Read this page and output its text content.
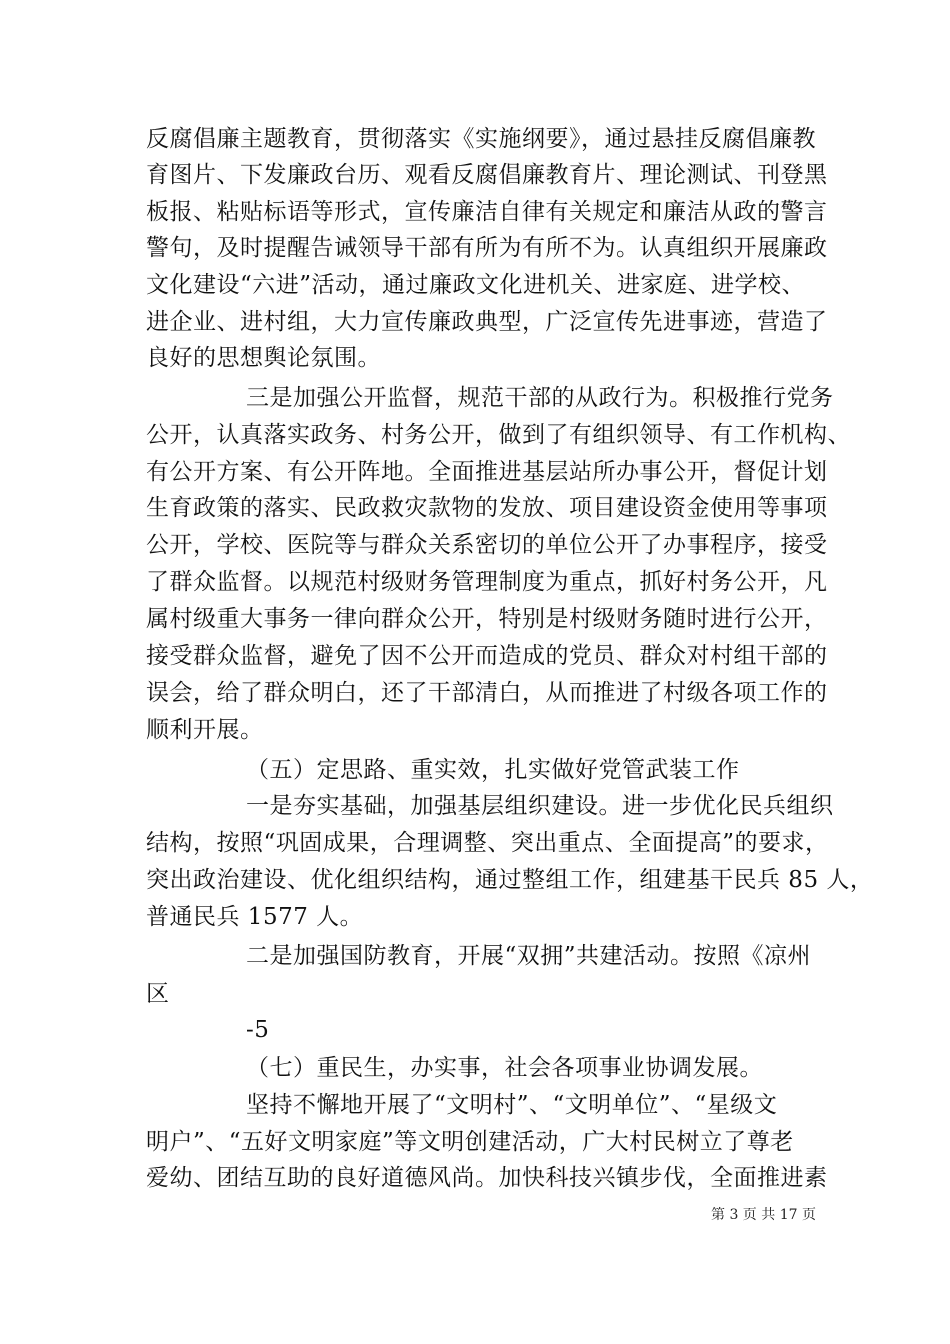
反腐倡廉主题教育，贯彻落实《实施纲要》，通过悬挂反腐倡廉教
育图片、下发廉政台历、观看反腐倡廉教育片、理论测试、刊登黑
板报、粘贴标语等形式，宣传廉洁自律有关规定和廉洁从政的警言
警句，及时提醒告诫领导干部有所为有所不为。认真组织开展廉政
文化建设“六进”活动，通过廉政文化进机关、进家庭、进学校、
进企业、进村组，大力宣传廉政典型，广泛宣传先进事迹，营造了
良好的思想舆论氛围。
三是加强公开监督，规范干部的从政行为。积极推行党务
公开，认真落实政务、村务公开，做到了有组织领导、有工作机构、
有公开方案、有公开阵地。全面推进基层站所办事公开，督促计划
生育政策的落实、民政救灾款物的发放、项目建设资金使用等事项
公开，学校、医院等与群众关系密切的单位公开了办事程序，接受
了群众监督。以规范村级财务管理制度为重点，抓好村务公开，凡
属村级重大事务一律向群众公开，特别是村级财务随时进行公开，
接受群众监督，避免了因不公开而造成的党员、群众对村组干部的
误会，给了群众明白，还了干部清白，从而推进了村级各项工作的
顺利开展。
（五）定思路、重实效，扎实做好党管武装工作
一是夯实基础，加强基层组织建设。进一步优化民兵组织
结构，按照“巩固成果，合理调整、突出重点、全面提高”的要求，
突出政治建设、优化组织结构，通过整组工作，组建基干民兵 85 人，
普通民兵 1577 人。
二是加强国防教育，开展“双拥”共建活动。按照《凉州
区
-5
（七）重民生，办实事，社会各项事业协调发展。
坚持不懈地开展了“文明村”、“文明单位”、“星级文
明户”、“五好文明家庭”等文明创建活动，广大村民树立了尊老
爱幼、团结互助的良好道德风尚。加快科技兴镇步伐，全面推进素
第 3 页 共 17 页
